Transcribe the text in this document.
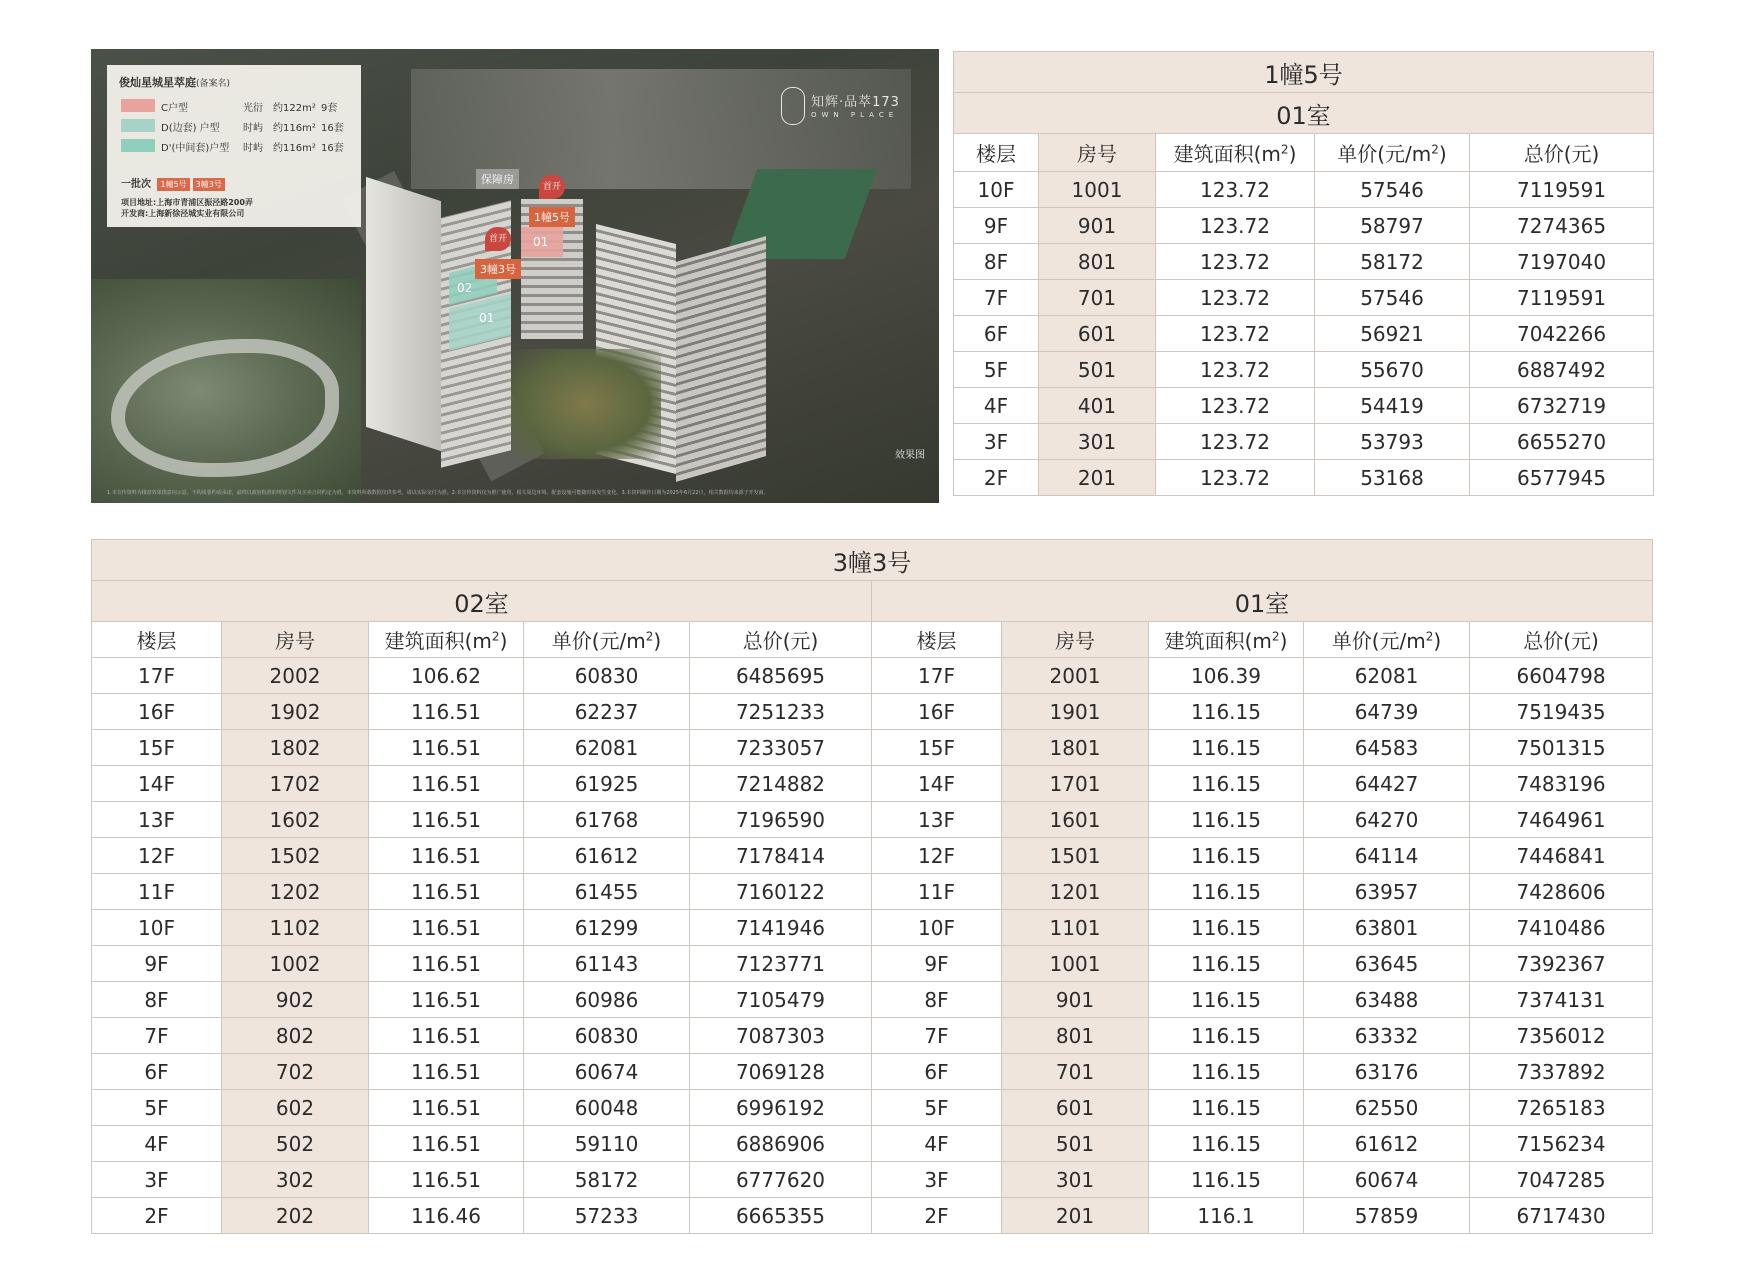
俊灿星城星萃庭(备案名)
C户型	光衍 约122m² 9套
D(边套) 户型 时屿 约116m² 16套
D'(中间套)户型 时屿 约116m² 16套
一批次 1幢5号 3幢3号
项目地址:上海市青浦区振泾路200弄
开发商:上海新徐泾城实业有限公司
知辉·品萃173
OWN PLACE
保障房
首开
1幢5号
首开
3幢3号
01
02
01
效果图
1.本宣传资料为楼盘效果图意向示意，不构成要约或承诺，最终以政府批准的规划文件及买卖合同约定为准，本资料所载数据仅供参考，请以实际交付为准。2.本宣传资料仅为推广使用，相关周边环境、配套设施可能随时间发生变化。3.本资料制作日期为2025年6月22日，相关数据均来源于开发商。
1幢5号				
01室				
楼层	房号	建筑面积$(m^2)$	单价(元$/m^2$)	总价(元)
10F	1001	123.72	57546	7119591
9F	901	123.72	58797	7274365
8F	801	123.72	58172	7197040
7F	701	123.72	57546	7119591
6F	601	123.72	56921	7042266
5F	501	123.72	55670	6887492
4F	401	123.72	54419	6732719
3F	301	123.72	53793	6655270
2F	201	123.72	53168	6577945
3幢3号									
02室					01室				
楼层	房号	建筑面积$(m^2)$	单价(元$/m^2$)	总价(元)	楼层	房号	建筑面积$(m^2)$	单价(元$/m^2$)	总价(元)
17F	2002	106.62	60830	6485695	17F	2001	106.39	62081	6604798
16F	1902	116.51	62237	7251233	16F	1901	116.15	64739	7519435
15F	1802	116.51	62081	7233057	15F	1801	116.15	64583	7501315
14F	1702	116.51	61925	7214882	14F	1701	116.15	64427	7483196
13F	1602	116.51	61768	7196590	13F	1601	116.15	64270	7464961
12F	1502	116.51	61612	7178414	12F	1501	116.15	64114	7446841
11F	1202	116.51	61455	7160122	11F	1201	116.15	63957	7428606
10F	1102	116.51	61299	7141946	10F	1101	116.15	63801	7410486
9F	1002	116.51	61143	7123771	9F	1001	116.15	63645	7392367
8F	902	116.51	60986	7105479	8F	901	116.15	63488	7374131
7F	802	116.51	60830	7087303	7F	801	116.15	63332	7356012
6F	702	116.51	60674	7069128	6F	701	116.15	63176	7337892
5F	602	116.51	60048	6996192	5F	601	116.15	62550	7265183
4F	502	116.51	59110	6886906	4F	501	116.15	61612	7156234
3F	302	116.51	58172	6777620	3F	301	116.15	60674	7047285
2F	202	116.46	57233	6665355	2F	201	116.1	57859	6717430
